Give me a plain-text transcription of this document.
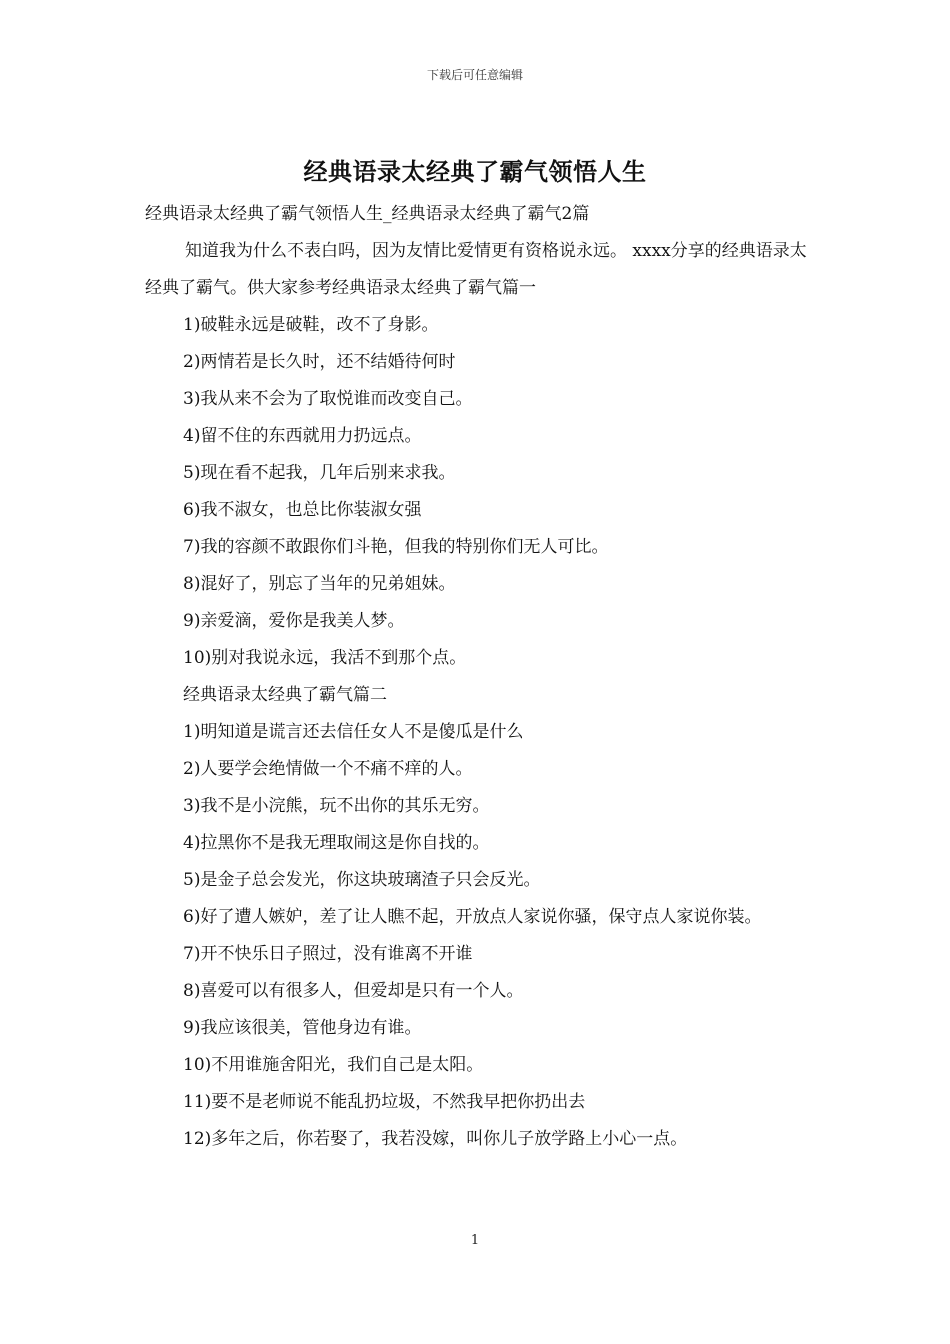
下载后可任意编辑
经典语录太经典了霸气领悟人生

经典语录太经典了霸气领悟人生_经典语录太经典了霸气2篇

知道我为什么不表白吗，因为友情比爱情更有资格说永远。 xxxx分享的经典语录太经典了霸气。供大家参考经典语录太经典了霸气篇一

1)破鞋永远是破鞋，改不了身影。

2)两情若是长久时，还不结婚待何时

3)我从来不会为了取悦谁而改变自己。

4)留不住的东西就用力扔远点。

5)现在看不起我，几年后别来求我。

6)我不淑女，也总比你装淑女强

7)我的容颜不敢跟你们斗艳，但我的特别你们无人可比。

8)混好了，别忘了当年的兄弟姐妹。

9)亲爱滴，爱你是我美人梦。

10)别对我说永远，我活不到那个点。

经典语录太经典了霸气篇二

1)明知道是谎言还去信任女人不是傻瓜是什么

2)人要学会绝情做一个不痛不痒的人。

3)我不是小浣熊，玩不出你的其乐无穷。

4)拉黑你不是我无理取闹这是你自找的。

5)是金子总会发光，你这块玻璃渣子只会反光。

6)好了遭人嫉妒，差了让人瞧不起，开放点人家说你骚，保守点人家说你装。

7)开不快乐日子照过，没有谁离不开谁

8)喜爱可以有很多人，但爱却是只有一个人。

9)我应该很美，管他身边有谁。

10)不用谁施舍阳光，我们自己是太阳。

11)要不是老师说不能乱扔垃圾，不然我早把你扔出去

12)多年之后，你若娶了，我若没嫁，叫你儿子放学路上小心一点。

1
